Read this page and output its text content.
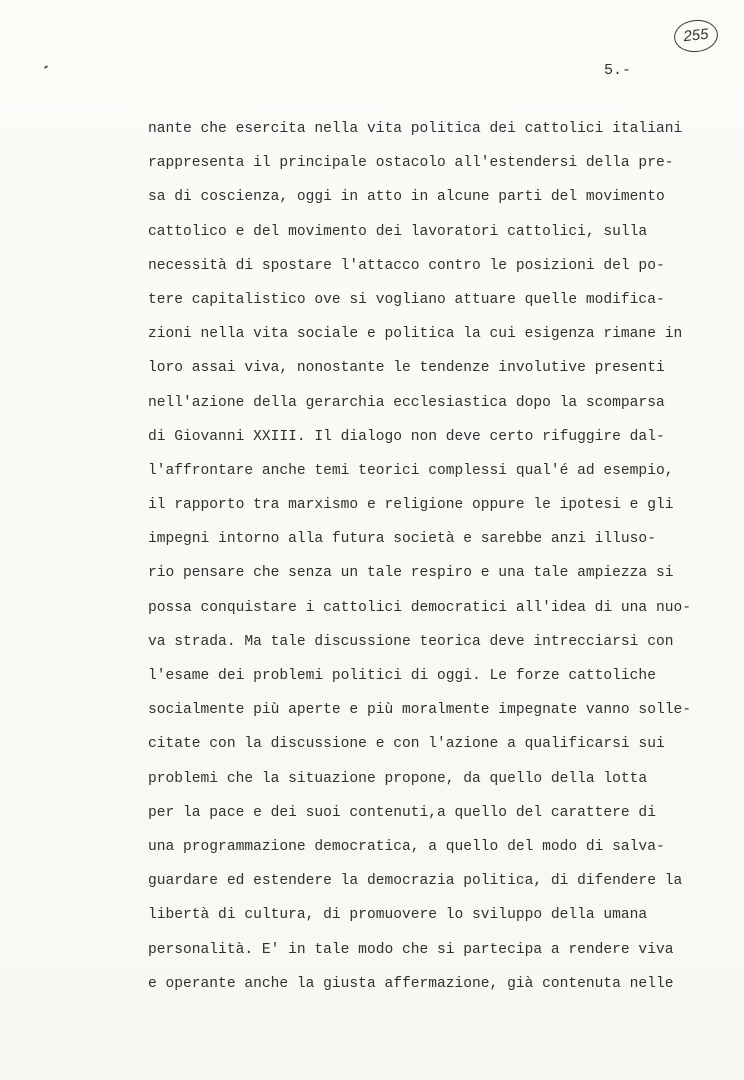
255
5.-
nante che esercita nella vita politica dei cattolici italiani
rappresenta il principale ostacolo all'estendersi della pre-
sa di coscienza, oggi in atto in alcune parti del movimento
cattolico e del movimento dei lavoratori cattolici, sulla
necessità di spostare l'attacco contro le posizioni del po-
tere capitalistico ove si vogliano attuare quelle modifica-
zioni nella vita sociale e politica la cui esigenza rimane in
loro assai viva, nonostante le tendenze involutive presenti
nell'azione della gerarchia ecclesiastica dopo la scomparsa
di Giovanni XXIII. Il dialogo non deve certo rifuggire dal-
l'affrontare anche temi teorici complessi qual'é ad esempio,
il rapporto tra marxismo e religione oppure le ipotesi e gli
impegni intorno alla futura società e sarebbe anzi illuso-
rio pensare che senza un tale respiro e una tale ampiezza si
possa conquistare i cattolici democratici all'idea di una nuo-
va strada. Ma tale discussione teorica deve intrecciarsi con
l'esame dei problemi politici di oggi. Le forze cattoliche
socialmente più aperte e più moralmente impegnate vanno solle-
citate con la discussione e con l'azione a qualificarsi sui
problemi che la situazione propone, da quello della lotta
per la pace e dei suoi contenuti,a quello del carattere di
una programmazione democratica, a quello del modo di salva-
guardare ed estendere la democrazia politica, di difendere la
libertà di cultura, di promuovere lo sviluppo della umana
personalità. E' in tale modo che si partecipa a rendere viva
e operante anche la giusta affermazione, già contenuta nelle
